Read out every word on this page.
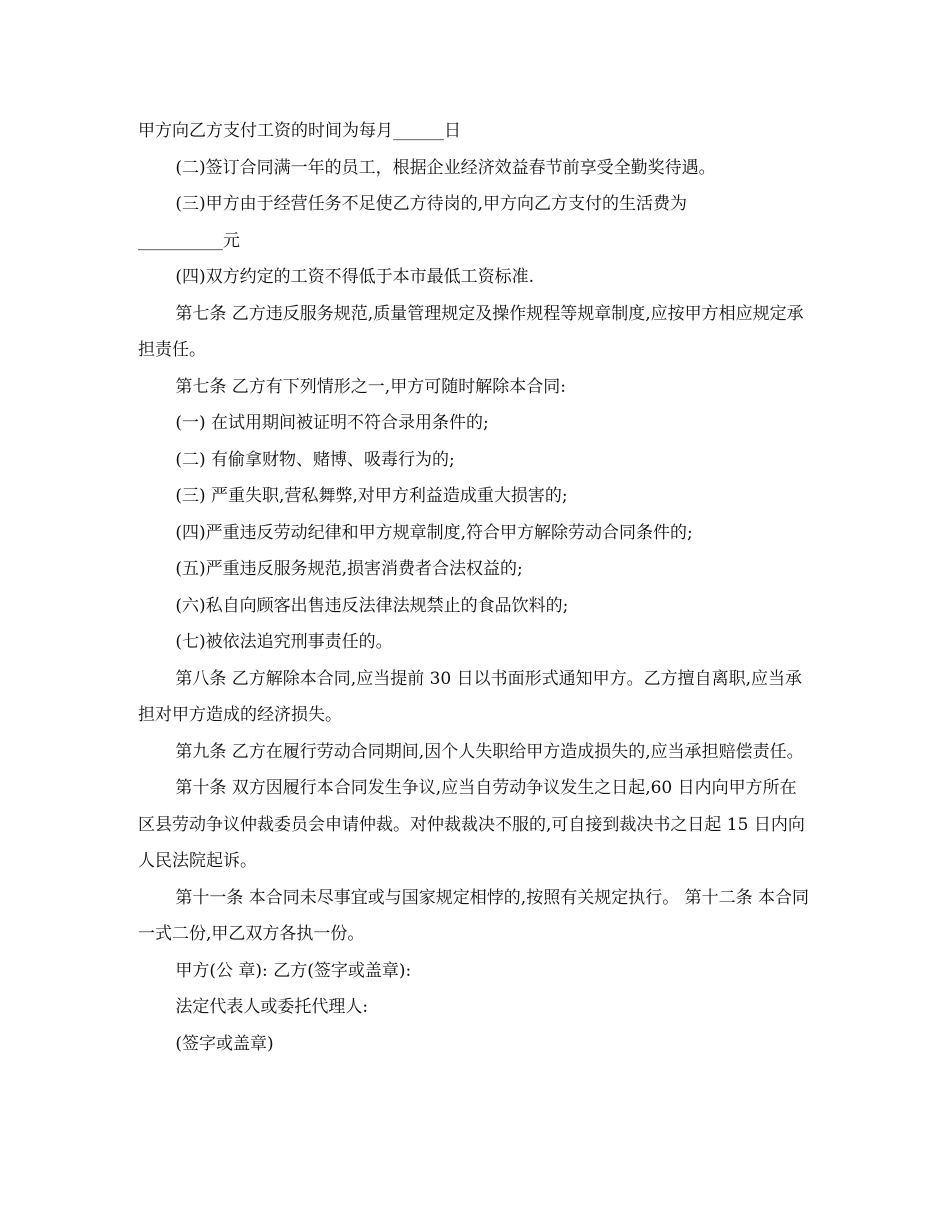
甲方向乙方支付工资的时间为每月______日

(二)签订合同满一年的员工，根据企业经济效益春节前享受全勤奖待遇。

(三)甲方由于经营任务不足使乙方待岗的,甲方向乙方支付的生活费为

__________元

(四)双方约定的工资不得低于本市最低工资标准.

第七条 乙方违反服务规范,质量管理规定及操作规程等规章制度,应按甲方相应规定承担责任。

第七条 乙方有下列情形之一,甲方可随时解除本合同:

(一) 在试用期间被证明不符合录用条件的;

(二) 有偷拿财物、赌博、吸毒行为的;

(三) 严重失职,营私舞弊,对甲方利益造成重大损害的;

(四)严重违反劳动纪律和甲方规章制度,符合甲方解除劳动合同条件的;

(五)严重违反服务规范,损害消费者合法权益的;

(六)私自向顾客出售违反法律法规禁止的食品饮料的;

(七)被依法追究刑事责任的。

第八条 乙方解除本合同,应当提前 30 日以书面形式通知甲方。乙方擅自离职,应当承担对甲方造成的经济损失。

第九条 乙方在履行劳动合同期间,因个人失职给甲方造成损失的,应当承担赔偿责任。

第十条 双方因履行本合同发生争议,应当自劳动争议发生之日起,60 日内向甲方所在区县劳动争议仲裁委员会申请仲裁。对仲裁裁决不服的,可自接到裁决书之日起 15 日内向人民法院起诉。

第十一条 本合同未尽事宜或与国家规定相悖的,按照有关规定执行。 第十二条 本合同一式二份,甲乙双方各执一份。

甲方(公 章): 乙方(签字或盖章):

法定代表人或委托代理人:

(签字或盖章)
